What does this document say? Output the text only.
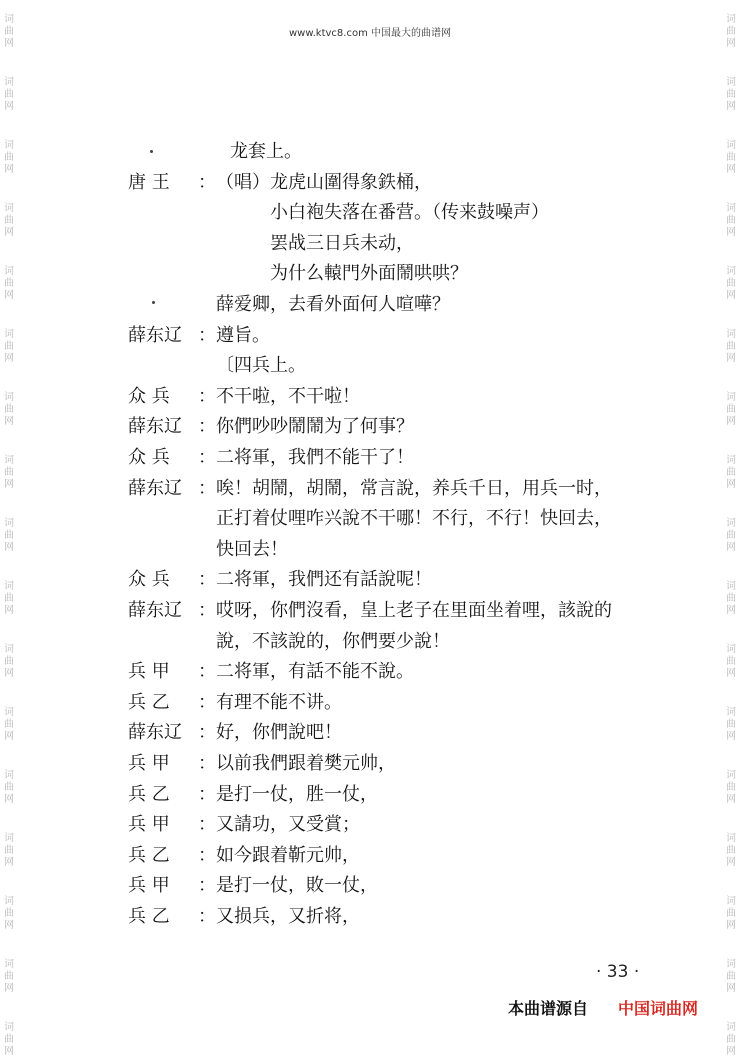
词
曲
网
词
曲
网
词
曲
网
词
曲
网
词
曲
网
词
曲
网
词
曲
网
词
曲
网
词
曲
网
词
曲
网
词
曲
网
词
曲
网
词
曲
网
词
曲
网
词
曲
网
词
曲
网
词
曲
网
词
曲
网
词
曲
网
词
曲
网
词
曲
网
词
曲
网
词
曲
网
词
曲
网
词
曲
网
词
曲
网
词
曲
网
词
曲
网
词
曲
网
词
曲
网
词
曲
网
词
曲
网
词
曲
网
词
曲
网
www.ktvc8.com 中国最大的曲谱网
龙套上。
唐 王 ： （唱）龙虎山圍得象鉄桶，
小白袍失落在番营。（传来鼓噪声）
罢战三日兵未动，
为什么轅門外面鬧哄哄？
薛爱卿，去看外面何人喧嘩？
薛东辽 ： 遵旨。
〔四兵上。
众 兵 ： 不干啦，不干啦！
薛东辽 ： 你們吵吵鬧鬧为了何事？
众 兵 ： 二将軍，我們不能干了！
薛东辽 ： 唉！胡鬧，胡鬧，常言說，养兵千日，用兵一时，
正打着仗哩咋兴說不干哪！不行，不行！快回去，
快回去！
众 兵 ： 二将軍，我們还有話說呢！
薛东辽 ： 哎呀，你們沒看，皇上老子在里面坐着哩，該說的
說，不該說的，你們要少說！
兵 甲 ： 二将軍，有話不能不說。
兵 乙 ： 有理不能不讲。
薛东辽 ： 好，你們說吧！
兵 甲 ： 以前我們跟着樊元帅，
兵 乙 ： 是打一仗，胜一仗，
兵 甲 ： 又請功，又受賞；
兵 乙 ： 如今跟着靳元帅，
兵 甲 ： 是打一仗，敗一仗，
兵 乙 ： 又损兵，又折将，
· 33 ·
本曲谱源自 中国词曲网
